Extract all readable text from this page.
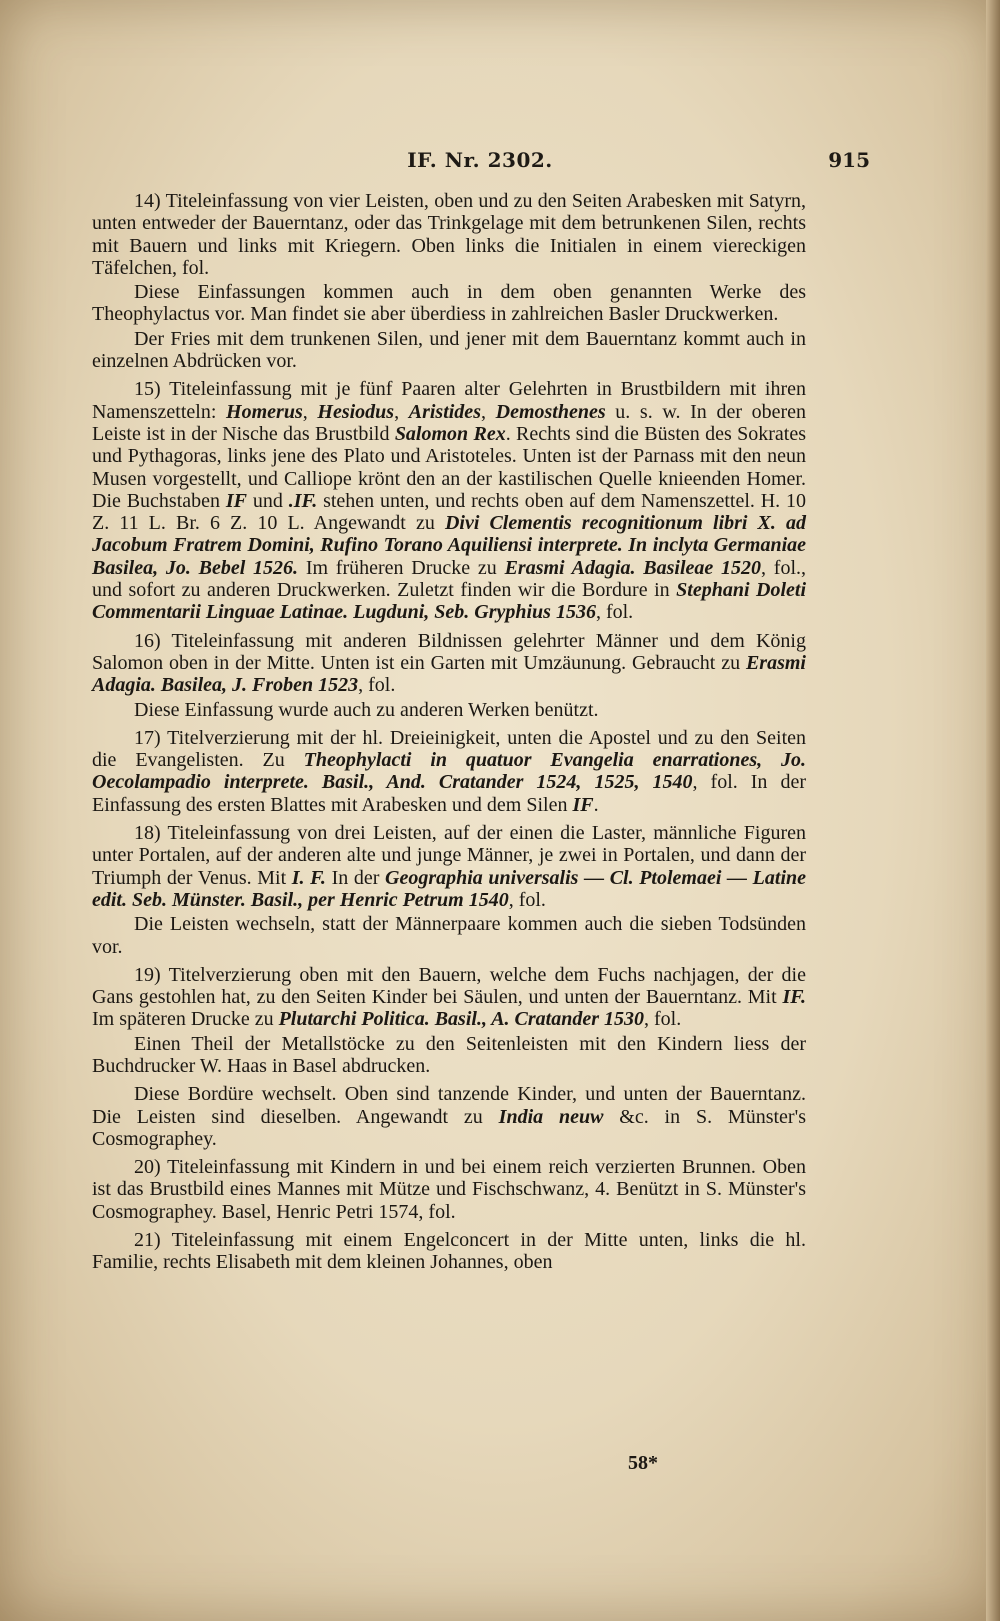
IF. Nr. 2302.	915

14) Titeleinfassung von vier Leisten, oben und zu den Seiten Arabesken mit Satyrn, unten entweder der Bauerntanz, oder das Trinkgelage mit dem betrunkenen Silen, rechts mit Bauern und links mit Kriegern. Oben links die Initialen in einem viereckigen Täfelchen, fol.

Diese Einfassungen kommen auch in dem oben genannten Werke des Theophylactus vor. Man findet sie aber überdiess in zahlreichen Basler Druckwerken.

Der Fries mit dem trunkenen Silen, und jener mit dem Bauerntanz kommt auch in einzelnen Abdrücken vor.

15) Titeleinfassung mit je fünf Paaren alter Gelehrten in Brustbildern mit ihren Namenszetteln: Homerus, Hesiodus, Aristides, Demosthenes u. s. w. In der oberen Leiste ist in der Nische das Brustbild Salomon Rex. Rechts sind die Büsten des Sokrates und Pythagoras, links jene des Plato und Aristoteles. Unten ist der Parnass mit den neun Musen vorgestellt, und Calliope krönt den an der kastilischen Quelle knieenden Homer. Die Buchstaben IF und .IF. stehen unten, und rechts oben auf dem Namenszettel. H. 10 Z. 11 L. Br. 6 Z. 10 L. Angewandt zu Divi Clementis recognitionum libri X. ad Jacobum Fratrem Domini, Rufino Torano Aquiliensi interprete. In inclyta Germaniae Basilea, Jo. Bebel 1526. Im früheren Drucke zu Erasmi Adagia. Basileae 1520, fol., und sofort zu anderen Druckwerken. Zuletzt finden wir die Bordure in Stephani Doleti Commentarii Linguae Latinae. Lugduni, Seb. Gryphius 1536, fol.

16) Titeleinfassung mit anderen Bildnissen gelehrter Männer und dem König Salomon oben in der Mitte. Unten ist ein Garten mit Umzäunung. Gebraucht zu Erasmi Adagia. Basilea, J. Froben 1523, fol.

Diese Einfassung wurde auch zu anderen Werken benützt.

17) Titelverzierung mit der hl. Dreieinigkeit, unten die Apostel und zu den Seiten die Evangelisten. Zu Theophylacti in quatuor Evangelia enarrationes, Jo. Oecolampadio interprete. Basil., And. Cratander 1524, 1525, 1540, fol. In der Einfassung des ersten Blattes mit Arabesken und dem Silen IF.

18) Titeleinfassung von drei Leisten, auf der einen die Laster, männliche Figuren unter Portalen, auf der anderen alte und junge Männer, je zwei in Portalen, und dann der Triumph der Venus. Mit I. F. In der Geographia universalis — Cl. Ptolemaei — Latine edit. Seb. Münster. Basil., per Henric Petrum 1540, fol.

Die Leisten wechseln, statt der Männerpaare kommen auch die sieben Todsünden vor.

19) Titelverzierung oben mit den Bauern, welche dem Fuchs nachjagen, der die Gans gestohlen hat, zu den Seiten Kinder bei Säulen, und unten der Bauerntanz. Mit IF. Im späteren Drucke zu Plutarchi Politica. Basil., A. Cratander 1530, fol.

Einen Theil der Metallstöcke zu den Seitenleisten mit den Kindern liess der Buchdrucker W. Haas in Basel abdrucken.

Diese Bordüre wechselt. Oben sind tanzende Kinder, und unten der Bauerntanz. Die Leisten sind dieselben. Angewandt zu India neuw &c. in S. Münster's Cosmographey.

20) Titeleinfassung mit Kindern in und bei einem reich verzierten Brunnen. Oben ist das Brustbild eines Mannes mit Mütze und Fischschwanz, 4. Benützt in S. Münster's Cosmographey. Basel, Henric Petri 1574, fol.

21) Titeleinfassung mit einem Engelconcert in der Mitte unten, links die hl. Familie, rechts Elisabeth mit dem kleinen Johannes, oben

58*
